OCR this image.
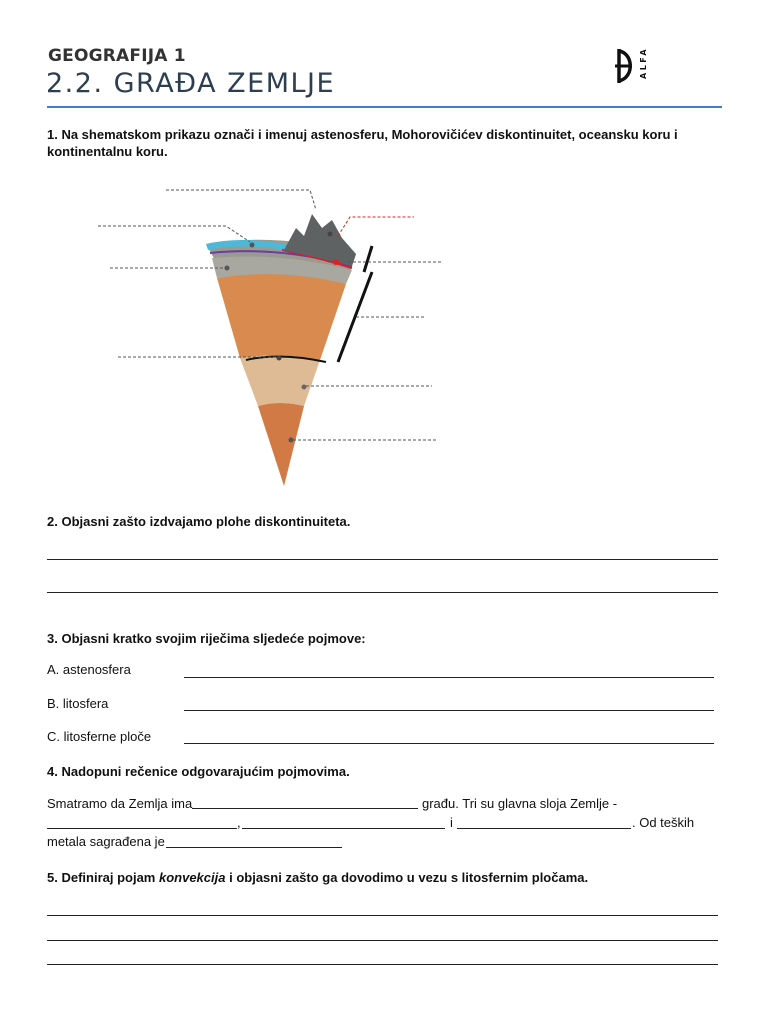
GEOGRAFIJA 1
2.2. GRAĐA ZEMLJE
ALFA
1. Na shematskom prikazu označi i imenuj astenosferu, Mohorovičićev diskontinuitet, oceansku koru i kontinentalnu koru.
2. Objasni zašto izdvajamo plohe diskontinuiteta.
3. Objasni kratko svojim riječima sljedeće pojmove:
A. astenosfera
B. litosfera
C. litosferne ploče
4. Nadopuni rečenice odgovarajućim pojmovima.
Smatramo da Zemlja ima	građu. Tri su glavna sloja Zemlje -
,	i	. Od teških
metala sagrađena je
5. Definiraj pojam konvekcija i objasni zašto ga dovodimo u vezu s litosfernim pločama.
